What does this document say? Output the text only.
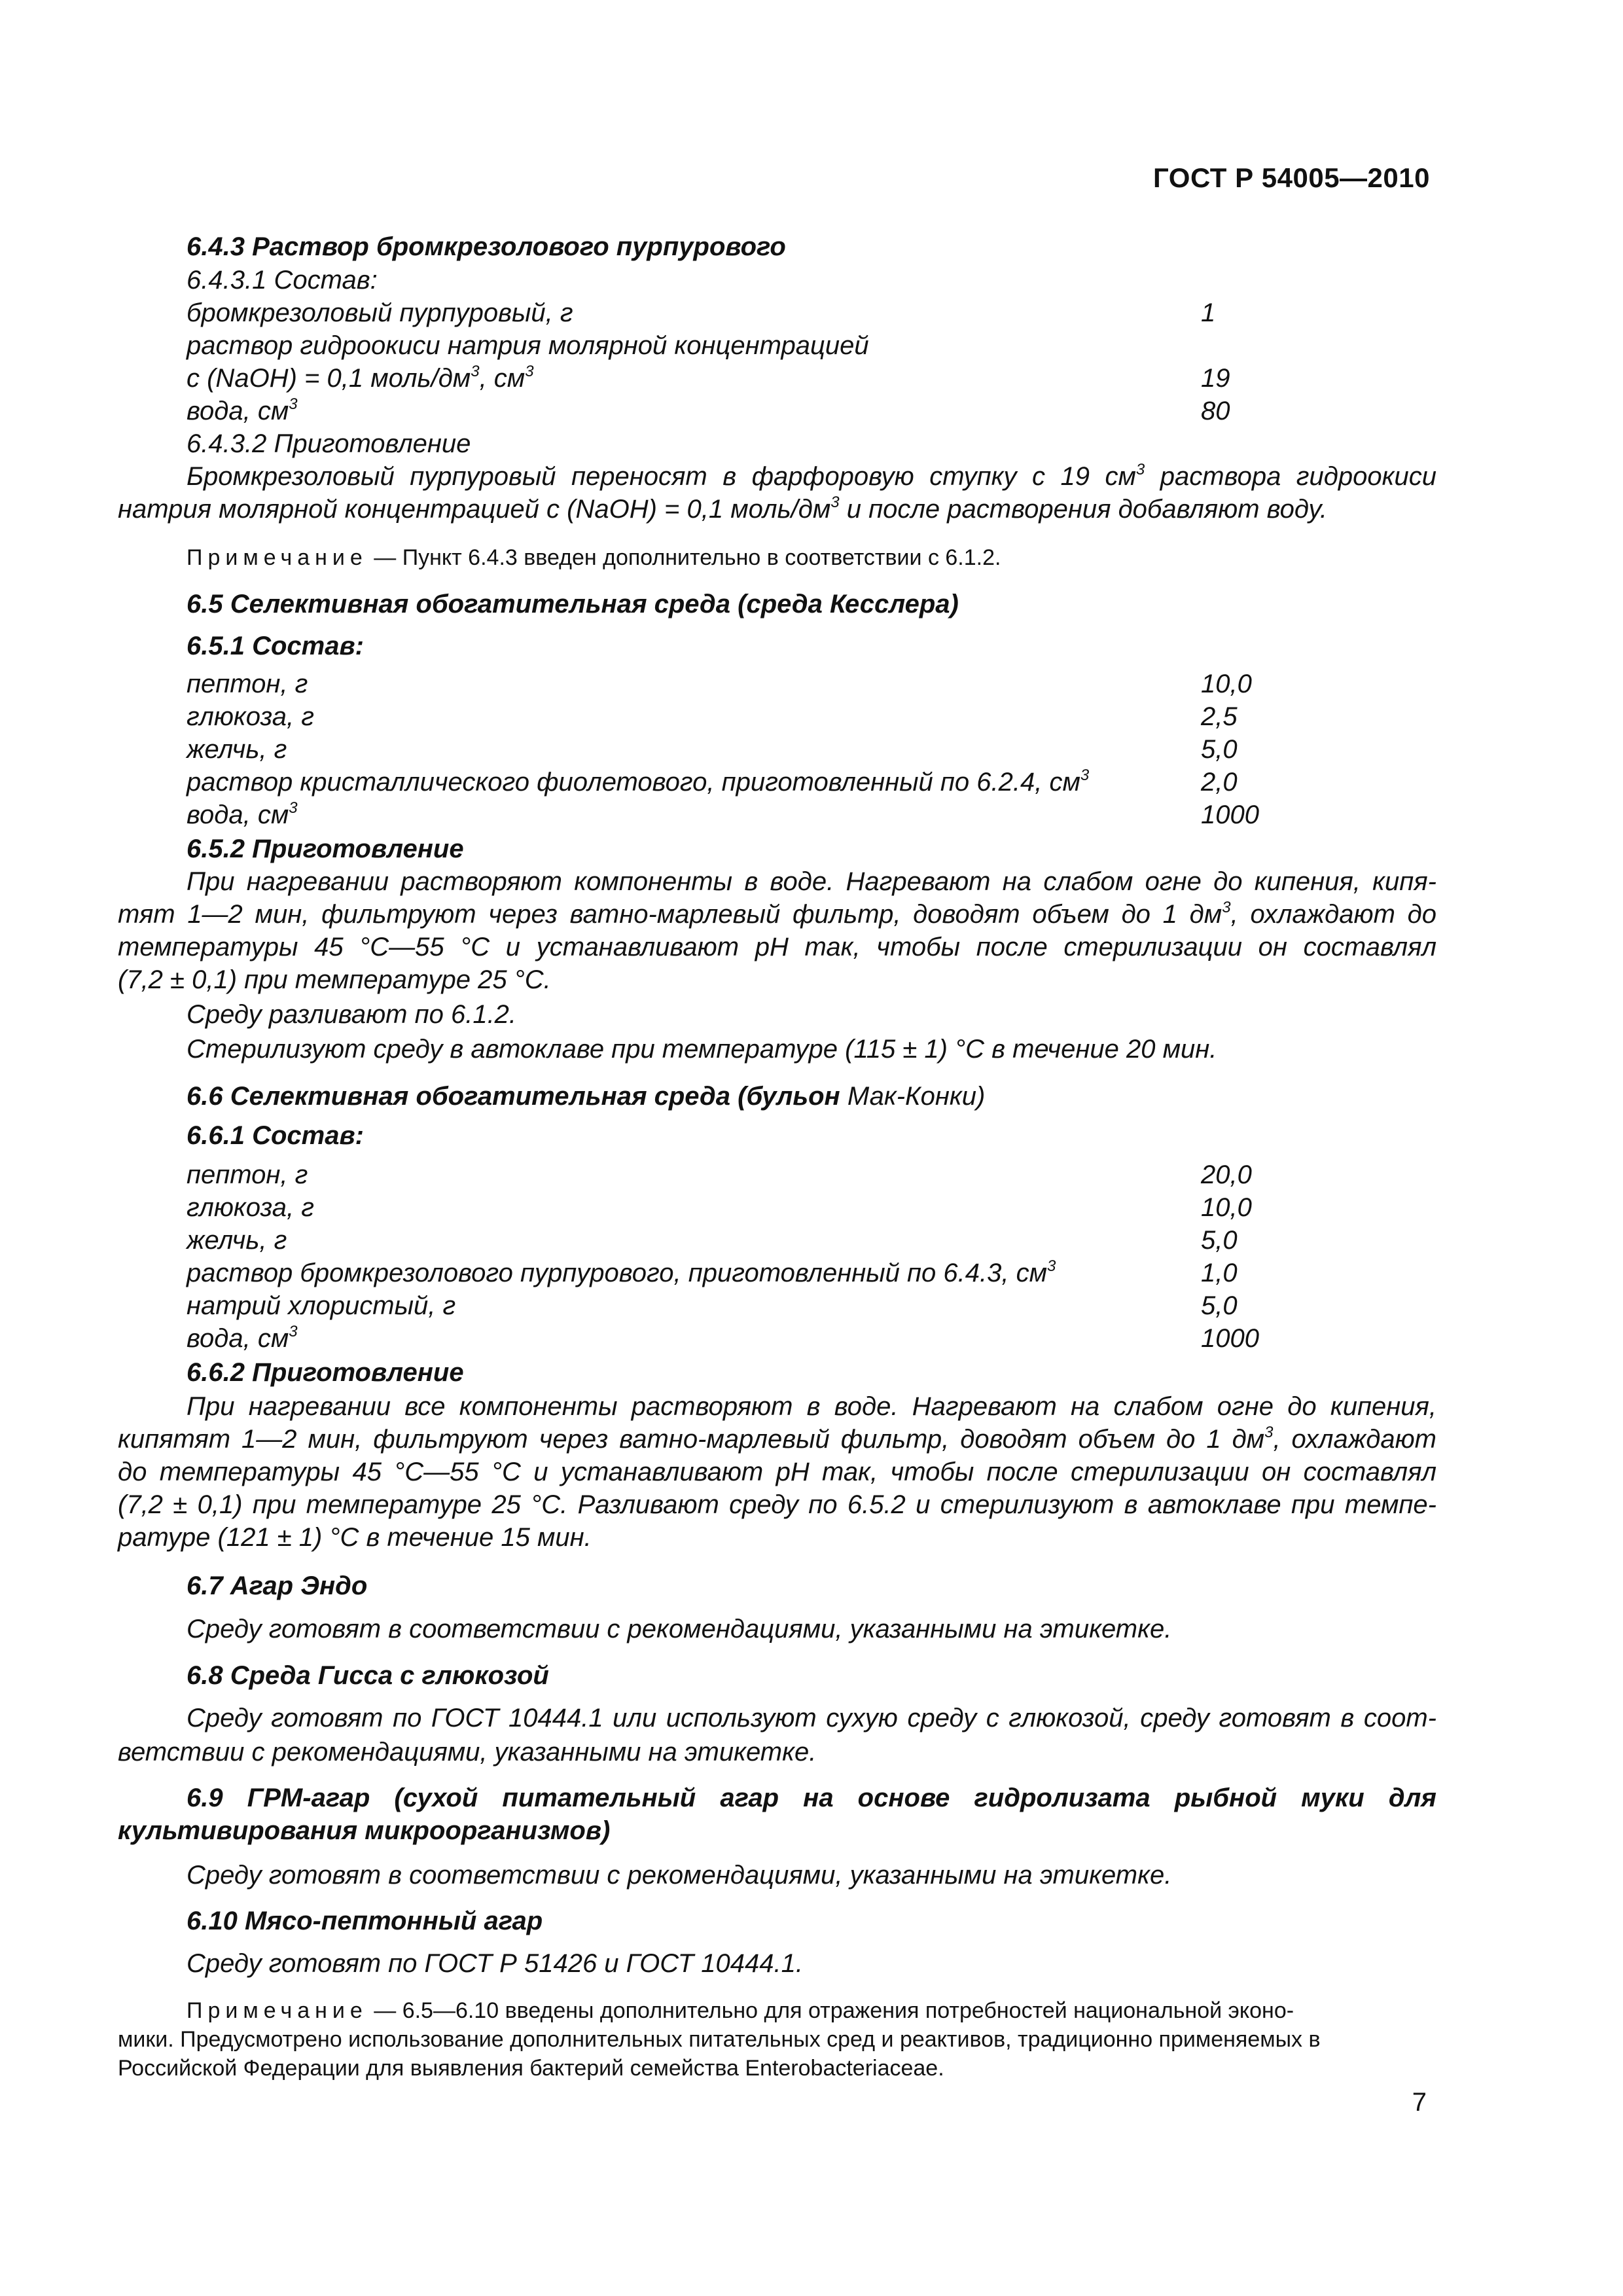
ГОСТ Р 54005—2010
6.4.3 Раствор бромкрезолового пурпурового
6.4.3.1 Состав:
бромкрезоловый пурпуровый, г	1
раствор гидроокиси натрия молярной концентрацией
с (NaOH) = 0,1 моль/$дм^3$, $см^3$	19
вода, $см^3$	80
6.4.3.2 Приготовление
Бромкрезоловый пурпуровый переносят в фарфоровую ступку с 19 $см^3$ раствора гидроокиси
натрия молярной концентрацией с (NaOH) = 0,1 моль/$дм^3$ и после растворения добавляют воду.
Примечание — Пункт 6.4.3 введен дополнительно в соответствии с 6.1.2.
6.5 Селективная обогатительная среда (среда Кесслера)
6.5.1 Состав:
пептон, г	10,0
глюкоза, г	2,5
желчь, г	5,0
раствор кристаллического фиолетового, приготовленный по 6.2.4, $см^3$	2,0
вода, $см^3$	1000
6.5.2 Приготовление
При нагревании растворяют компоненты в воде. Нагревают на слабом огне до кипения, кипя-
тят 1—2 мин, фильтруют через ватно-марлевый фильтр, доводят объем до 1 $дм^3$, охлаждают до
температуры 45 °С—55 °С и устанавливают рН так, чтобы после стерилизации он составлял
(7,2 ± 0,1) при температуре 25 °С.
Среду разливают по 6.1.2.
Стерилизуют среду в автоклаве при температуре (115 ± 1) °С в течение 20 мин.
6.6 Селективная обогатительная среда (бульон Мак-Конки)
6.6.1 Состав:
пептон, г	20,0
глюкоза, г	10,0
желчь, г	5,0
раствор бромкрезолового пурпурового, приготовленный по 6.4.3, $см^3$	1,0
натрий хлористый, г	5,0
вода, $см^3$	1000
6.6.2 Приготовление
При нагревании все компоненты растворяют в воде. Нагревают на слабом огне до кипения,
кипятят 1—2 мин, фильтруют через ватно-марлевый фильтр, доводят объем до 1 $дм^3$, охлаждают
до температуры 45 °С—55 °С и устанавливают рН так, чтобы после стерилизации он составлял
(7,2 ± 0,1) при температуре 25 °С. Разливают среду по 6.5.2 и стерилизуют в автоклаве при темпе-
ратуре (121 ± 1) °С в течение 15 мин.
6.7 Агар Эндо
Среду готовят в соответствии с рекомендациями, указанными на этикетке.
6.8 Среда Гисса с глюкозой
Среду готовят по ГОСТ 10444.1 или используют сухую среду с глюкозой, среду готовят в соот-
ветствии с рекомендациями, указанными на этикетке.
6.9 ГРМ-агар (сухой питательный агар на основе гидролизата рыбной муки для
культивирования микроорганизмов)
Среду готовят в соответствии с рекомендациями, указанными на этикетке.
6.10 Мясо-пептонный агар
Среду готовят по ГОСТ Р 51426 и ГОСТ 10444.1.
Примечание — 6.5—6.10 введены дополнительно для отражения потребностей национальной эконо-
мики. Предусмотрено использование дополнительных питательных сред и реактивов, традиционно применяемых в
Российской Федерации для выявления бактерий семейства Enterobacteriaceae.
7
